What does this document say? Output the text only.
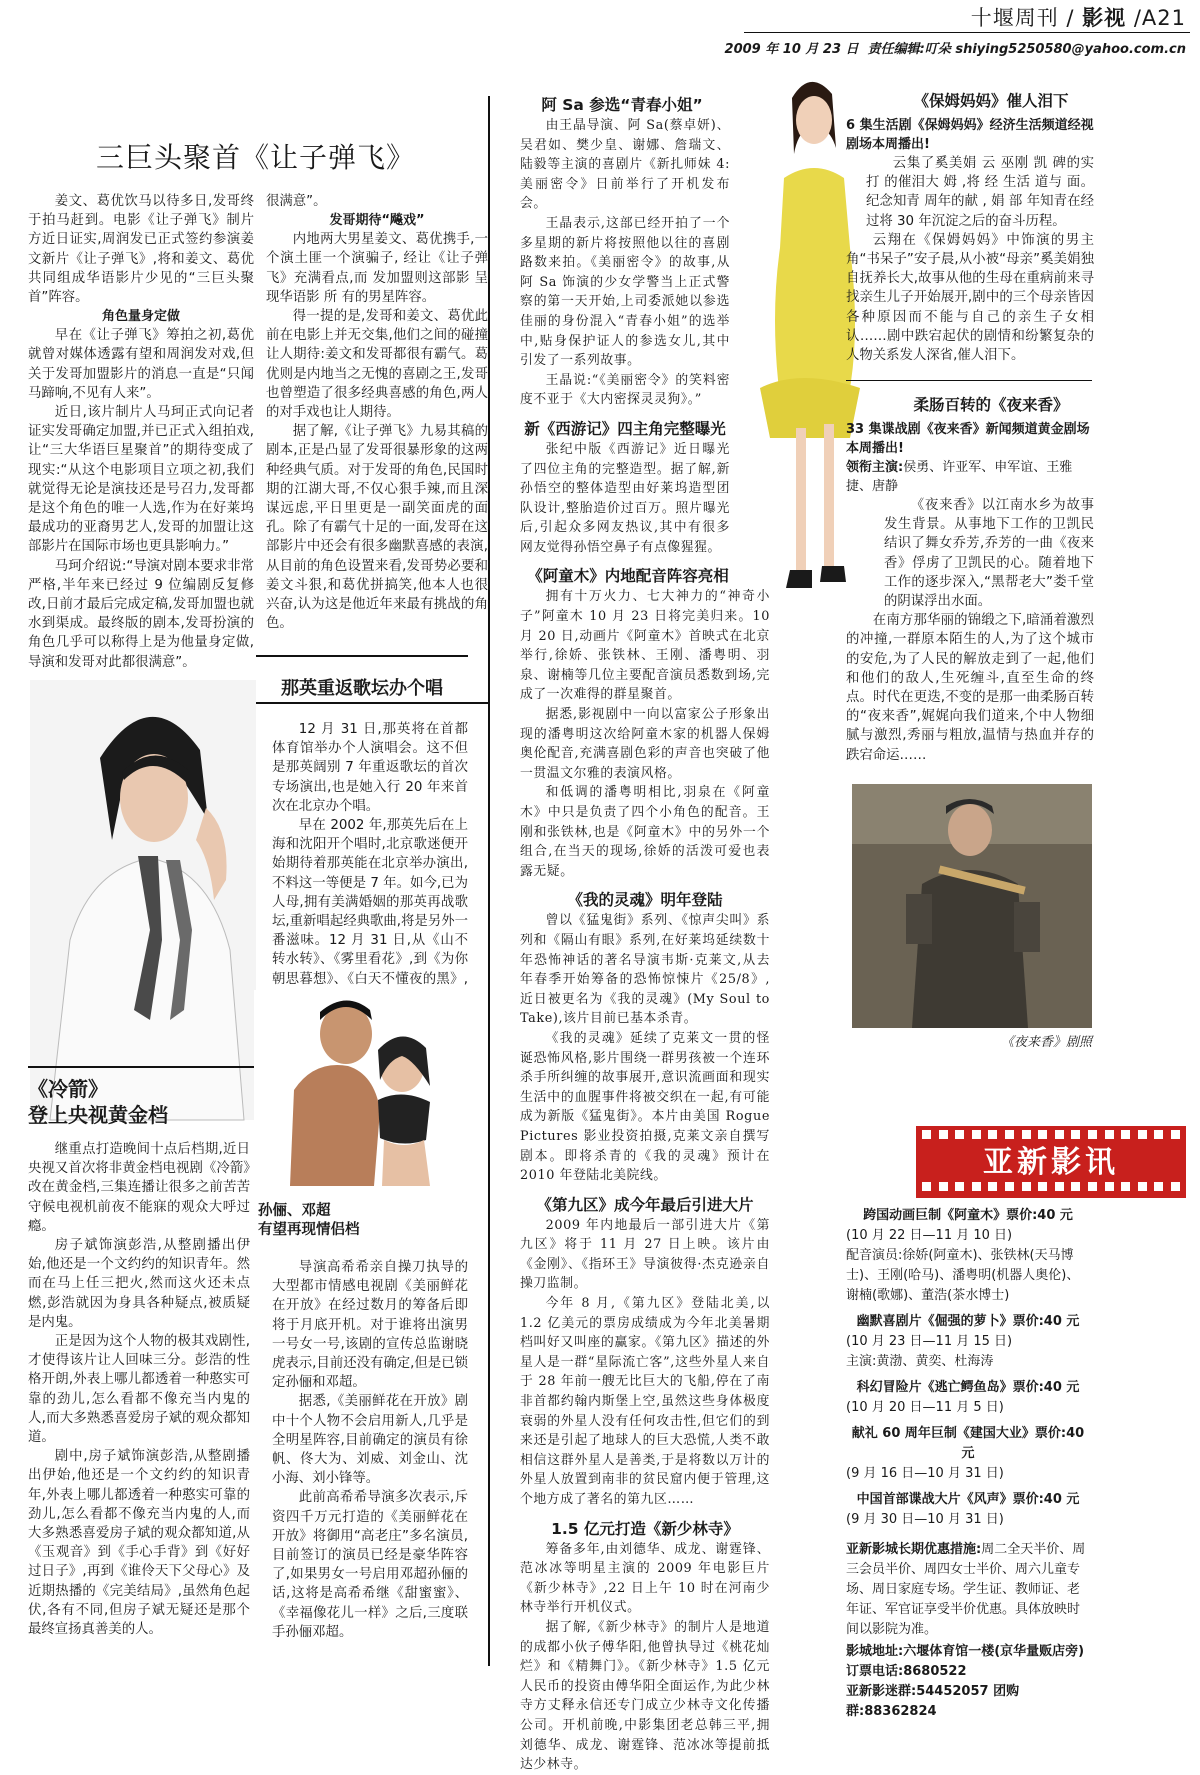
十堰周刊 / 影视 /A21
2009 年 10 月 23 日 责任编辑:叮朵 shiying5250580@yahoo.com.cn
三巨头聚首《让子弹飞》

姜文、葛优饮马以待多日,发哥终于拍马赶到。电影《让子弹飞》制片方近日证实,周润发已正式签约参演姜文新片《让子弹飞》,将和姜文、葛优共同组成华语影片少见的“三巨头聚首”阵容。

角色量身定做

早在《让子弹飞》筹拍之初,葛优就曾对媒体透露有望和周润发对戏,但关于发哥加盟影片的消息一直是“只闻马蹄响,不见有人来”。

近日,该片制片人马珂正式向记者证实发哥确定加盟,并已正式入组拍戏,让“三大华语巨星聚首”的期待变成了现实:“从这个电影项目立项之初,我们就觉得无论是演技还是号召力,发哥都是这个角色的唯一人选,作为在好莱坞最成功的亚裔男艺人,发哥的加盟让这部影片在国际市场也更具影响力。”

马珂介绍说:“导演对剧本要求非常严格,半年来已经过 9 位编剧反复修改,日前才最后完成定稿,发哥加盟也就水到渠成。最终版的剧本,发哥扮演的角色几乎可以称得上是为他量身定做,导演和发哥对此都很满意”。

很满意”。

发哥期待“飚戏”

内地两大男星姜文、葛优携手,一个演土匪一个演骗子, 经让《让子弹飞》充满看点,而 发加盟则这部影 呈现华语影 所 有的男星阵容。

得一提的是,发哥和姜文、葛优此前在电影上并无交集,他们之间的碰撞让人期待:姜文和发哥都很有霸气。葛优则是内地当之无愧的喜剧之王,发哥也曾塑造了很多经典喜感的角色,两人的对手戏也让人期待。

据了解,《让子弹飞》九易其稿的剧本,正是凸显了发哥很暴形象的这两种经典气质。对于发哥的角色,民国时期的江湖大哥,不仅心狠手辣,而且深谋远虑,平日里更是一副笑面虎的面孔。除了有霸气十足的一面,发哥在这部影片中还会有很多幽默喜感的表演,从目前的角色设置来看,发哥势必要和姜文斗狠,和葛优拼搞笑,他本人也很兴奋,认为这是他近年来最有挑战的角色。

那英重返歌坛办个唱

12 月 31 日,那英将在首都体育馆举办个人演唱会。这不但是那英阔别 7 年重返歌坛的首次专场演出,也是她入行 20 年来首次在北京办个唱。

早在 2002 年,那英先后在上海和沈阳开个唱时,北京歌迷便开始期待着那英能在北京举办演出,不料这一等便是 7 年。如今,已为人母,拥有美满婚姻的那英再战歌坛,重新唱起经典歌曲,将是另外一番滋味。12 月 31 日,从《山不转水转》、《雾里看花》,到《为你朝思暮想》、《白天不懂夜的黑》,

《冷箭》
登上央视黄金档

继重点打造晚间十点后档期,近日央视又首次将非黄金档电视剧《冷箭》改在黄金档,三集连播让很多之前苦苦守候电视机前夜不能寐的观众大呼过瘾。

房子斌饰演彭浩,从整剧播出伊始,他还是一个文约约的知识青年。然而在马上任三把火,然而这火还未点燃,彭浩就因为身具各种疑点,被质疑是内鬼。

正是因为这个人物的极其戏剧性,才使得该片让人回味三分。彭浩的性格开朗,外表上哪儿都透着一种憨实可靠的劲儿,怎么看都不像充当内鬼的人,而大多熟悉喜爱房子斌的观众都知道。

剧中,房子斌饰演彭浩,从整剧播出伊始,他还是一个文约约的知识青年,外表上哪儿都透着一种憨实可靠的劲儿,怎么看都不像充当内鬼的人,而大多熟悉喜爱房子斌的观众都知道,从《玉观音》到《手心手背》到《好好过日子》,再到《谁伶天下父母心》及近期热播的《完美结局》,虽然角色起伏,各有不同,但房子斌无疑还是那个最终宣扬真善美的人。

孙俪、邓超
有望再现情侣档

导演高希希亲自操刀执导的大型都市情感电视剧《美丽鲜花在开放》在经过数月的筹备后即将于月底开机。对于谁将出演男一号女一号,该剧的宣传总监谢晓虎表示,目前还没有确定,但是已锁定孙俪和邓超。

据悉,《美丽鲜花在开放》剧中十个人物不会启用新人,几乎是全明星阵容,目前确定的演员有徐帆、佟大为、刘威、刘金山、沈小海、刘小锋等。

此前高希希导演多次表示,斥资四千万元打造的《美丽鲜花在开放》将御用“高老庄”多名演员,目前签订的演员已经是豪华阵容了,如果男女一号启用邓超孙俪的话,这将是高希希继《甜蜜蜜》、《幸福像花儿一样》之后,三度联手孙俪邓超。

阿 Sa 参选“青春小姐”

由王晶导演、阿 Sa(蔡卓妍)、吴君如、樊少皇、谢娜、詹瑞文、陆毅等主演的喜剧片《新扎师妹 4:美丽密令》日前举行了开机发布会。

王晶表示,这部已经开拍了一个多星期的新片将按照他以往的喜剧路数来拍。《美丽密令》的故事,从阿 Sa 饰演的少女学警当上正式警察的第一天开始,上司委派她以参选佳丽的身份混入“青春小姐”的选举中,贴身保护证人的参选女儿,其中引发了一系列故事。

王晶说:“《美丽密令》的笑料密度不亚于《大内密探灵灵狗》。”

新《西游记》四主角完整曝光

张纪中版《西游记》近日曝光了四位主角的完整造型。据了解,新孙悟空的整体造型由好莱坞造型团队设计,整胎造价过百万。照片曝光后,引起众多网友热议,其中有很多网友觉得孙悟空鼻子有点像猩猩。

《阿童木》内地配音阵容亮相

拥有十万火力、七大神力的“神奇小子”阿童木 10 月 23 日将完美归来。10 月 20 日,动画片《阿童木》首映式在北京举行,徐娇、张铁林、王刚、潘粤明、羽泉、谢楠等几位主要配音演员悉数到场,完成了一次难得的群星聚首。

据悉,影视剧中一向以富家公子形象出现的潘粤明这次给阿童木家的机器人保姆奥伦配音,充满喜剧色彩的声音也突破了他一贯温文尔雅的表演风格。

和低调的潘粤明相比,羽泉在《阿童木》中只是负责了四个小角色的配音。王刚和张铁林,也是《阿童木》中的另外一个组合,在当天的现场,徐娇的活泼可爱也表露无疑。

《我的灵魂》明年登陆

曾以《猛鬼街》系列、《惊声尖叫》系列和《隔山有眼》系列,在好莱坞延续数十年恐怖神话的著名导演韦斯·克莱文,从去年春季开始筹备的恐怖惊悚片《25/8》,近日被更名为《我的灵魂》(My Soul to Take),该片目前已基本杀青。

《我的灵魂》延续了克莱文一贯的怪诞恐怖风格,影片围绕一群男孩被一个连环杀手所纠缠的故事展开,意识流画面和现实生活中的血腥事件将被交织在一起,有可能成为新版《猛鬼街》。本片由美国 Rogue Pictures 影业投资拍摄,克莱文亲自撰写剧本。即将杀青的《我的灵魂》预计在 2010 年登陆北美院线。

《第九区》成今年最后引进大片

2009 年内地最后一部引进大片《第九区》将于 11 月 27 日上映。该片由《金刚》、《指环王》导演彼得·杰克逊亲自操刀监制。

今年 8 月,《第九区》登陆北美,以 1.2 亿美元的票房成绩成为今年北美暑期档叫好又叫座的赢家。《第九区》描述的外星人是一群“星际流亡客”,这些外星人来自于 28 年前一艘无比巨大的飞船,停在了南非首都约翰内斯堡上空,虽然这些身体极度衰弱的外星人没有任何攻击性,但它们的到来还是引起了地球人的巨大恐慌,人类不敢相信这群外星人是善类,于是将数以万计的外星人放置到南非的贫民窟内便于管理,这个地方成了著名的第九区……

1.5 亿元打造《新少林寺》

筹备多年,由刘德华、成龙、谢霆锋、范冰冰等明星主演的 2009 年电影巨片《新少林寺》,22 日上午 10 时在河南少林寺举行开机仪式。

据了解,《新少林寺》的制片人是地道的成都小伙子傅华阳,他曾执导过《桃花灿烂》和《精舞门》。《新少林寺》1.5 亿元人民币的投资由傅华阳全面运作,为此少林寺方丈释永信还专门成立少林寺文化传播公司。开机前晚,中影集团老总韩三平,拥刘德华、成龙、谢霆锋、范冰冰等提前抵达少林寺。

《保姆妈妈》催人泪下
6 集生活剧《保姆妈妈》经济生活频道经视剧场本周播出!

云集了奚美娟 云 巫刚 凯 碑的实 打 的催泪大 姆 ,将 经 生活 道与 面。 纪念知青 周年的献 , 娟 部 年知青在经过将 30 年沉淀之后的奋斗历程。

云翔在《保姆妈妈》中饰演的男主角“书呆子”安子晨,从小被“母亲”奚美娟独自抚养长大,故事从他的生母在重病前来寻找亲生儿子开始展开,剧中的三个母亲皆因各种原因而不能与自己的亲生子女相认……剧中跌宕起伏的剧情和纷繁复杂的人物关系发人深省,催人泪下。

柔肠百转的《夜来香》
33 集谍战剧《夜来香》新闻频道黄金剧场本周播出!
领衔主演:侯勇、许亚军、申军谊、王雅捷、唐静

《夜来香》以江南水乡为故事发生背景。从事地下工作的卫凯民结识了舞女乔芳,乔芳的一曲《夜来香》俘虏了卫凯民的心。随着地下工作的逐步深入,“黑帮老大”娄千堂的阴谋浮出水面。

在南方那华丽的锦缎之下,暗涌着激烈的冲撞,一群原本陌生的人,为了这个城市的安危,为了人民的解放走到了一起,他们和他们的敌人,生死缠斗,直至生命的终点。时代在更迭,不变的是那一曲柔肠百转的“夜来香”,娓娓向我们道来,个中人物细腻与激烈,秀丽与粗放,温情与热血并存的跌宕命运……

《夜来香》剧照
亚新影讯
跨国动画巨制《阿童木》票价:40 元
(10 月 22 日—11 月 10 日)
配音演员:徐娇(阿童木)、张铁林(天马博士)、王刚(哈马)、潘粤明(机器人奥伦)、谢楠(歌娜)、董浩(茶水博士)
幽默喜剧片《倔强的萝卜》票价:40 元
(10 月 23 日—11 月 15 日)
主演:黄渤、黄奕、杜海涛
科幻冒险片《逃亡鳄鱼岛》票价:40 元
(10 月 20 日—11 月 5 日)
献礼 60 周年巨制《建国大业》票价:40 元
(9 月 16 日—10 月 31 日)
中国首部谍战大片《风声》票价:40 元
(9 月 30 日—10 月 31 日)
亚新影城长期优惠措施:周二全天半价、周三会员半价、周四女士半价、周六儿童专场、周日家庭专场。学生证、教师证、老年证、军官证享受半价优惠。具体放映时间以影院为准。
影城地址:六堰体育馆一楼(京华量贩店旁)
订票电话:8680522
亚新影迷群:54452057 团购群:88362824
